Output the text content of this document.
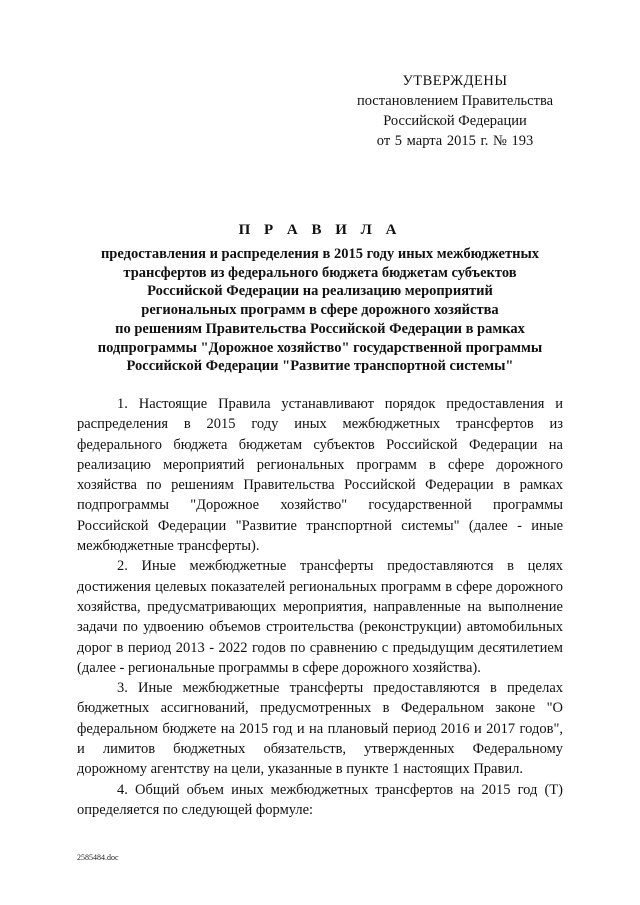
УТВЕРЖДЕНЫ
постановлением Правительства
Российской Федерации
от 5 марта 2015 г. № 193
П Р А В И Л А
предоставления и распределения в 2015 году иных межбюджетных
трансфертов из федерального бюджета бюджетам субъектов
Российской Федерации на реализацию мероприятий
региональных программ в сфере дорожного хозяйства
по решениям Правительства Российской Федерации в рамках
подпрограммы "Дорожное хозяйство" государственной программы
Российской Федерации "Развитие транспортной системы"

1. Настоящие Правила устанавливают порядок предоставления и распределения в 2015 году иных межбюджетных трансфертов из федерального бюджета бюджетам субъектов Российской Федерации на реализацию мероприятий региональных программ в сфере дорожного хозяйства по решениям Правительства Российской Федерации в рамках подпрограммы "Дорожное хозяйство" государственной программы Российской Федерации "Развитие транспортной системы" (далее - иные межбюджетные трансферты).

2. Иные межбюджетные трансферты предоставляются в целях достижения целевых показателей региональных программ в сфере дорожного хозяйства, предусматривающих мероприятия, направленные на выполнение задачи по удвоению объемов строительства (реконструкции) автомобильных дорог в период 2013 - 2022 годов по сравнению с предыдущим десятилетием (далее - региональные программы в сфере дорожного хозяйства).

3. Иные межбюджетные трансферты предоставляются в пределах бюджетных ассигнований, предусмотренных в Федеральном законе "О федеральном бюджете на 2015 год и на плановый период 2016 и 2017 годов", и лимитов бюджетных обязательств, утвержденных Федеральному дорожному агентству на цели, указанные в пункте 1 настоящих Правил.

4. Общий объем иных межбюджетных трансфертов на 2015 год (T) определяется по следующей формуле:

2585484.doc
